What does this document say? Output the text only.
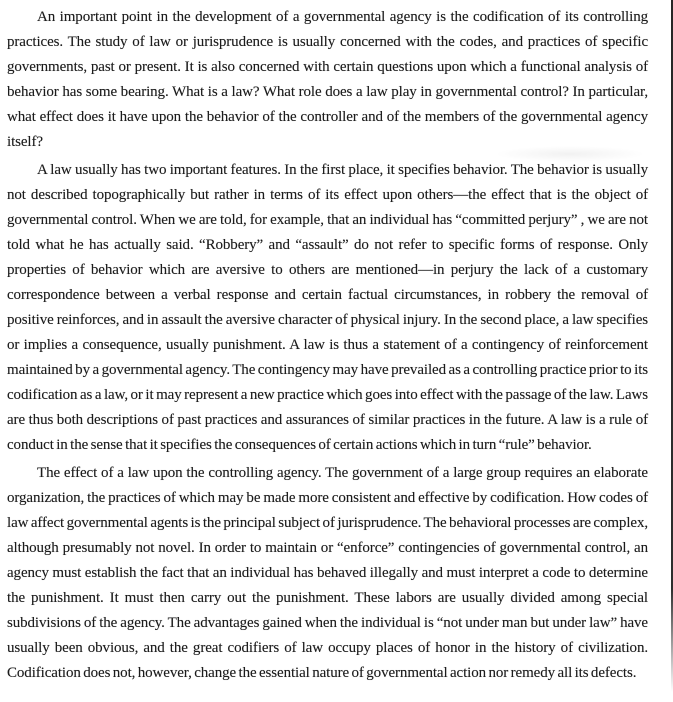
An important point in the development of a governmental agency is the codification of its controlling practices. The study of law or jurisprudence is usually concerned with the codes, and practices of specific governments, past or present. It is also concerned with certain questions upon which a functional analysis of behavior has some bearing. What is a law? What role does a law play in governmental control? In particular, what effect does it have upon the behavior of the controller and of the members of the governmental agency itself?

A law usually has two important features. In the first place, it specifies behavior. The behavior is usually not described topographically but rather in terms of its effect upon others—the effect that is the object of governmental control. When we are told, for example, that an individual has “committed perjury” , we are not told what he has actually said. “Robbery” and “assault” do not refer to specific forms of response. Only properties of behavior which are aversive to others are mentioned—in perjury the lack of a customary correspondence between a verbal response and certain factual circumstances, in robbery the removal of positive reinforces, and in assault the aversive character of physical injury. In the second place, a law specifies or implies a consequence, usually punishment. A law is thus a statement of a contingency of reinforcement maintained by a governmental agency. The contingency may have prevailed as a controlling practice prior to its codification as a law, or it may represent a new practice which goes into effect with the passage of the law. Laws are thus both descriptions of past practices and assurances of similar practices in the future. A law is a rule of conduct in the sense that it specifies the consequences of certain actions which in turn “rule” behavior.

The effect of a law upon the controlling agency. The government of a large group requires an elaborate organization, the practices of which may be made more consistent and effective by codification. How codes of law affect governmental agents is the principal subject of jurisprudence. The behavioral processes are complex, although presumably not novel. In order to maintain or “enforce” contingencies of governmental control, an agency must establish the fact that an individual has behaved illegally and must interpret a code to determine the punishment. It must then carry out the punishment. These labors are usually divided among special subdivisions of the agency. The advantages gained when the individual is “not under man but under law” have usually been obvious, and the great codifiers of law occupy places of honor in the history of civilization. Codification does not, however, change the essential nature of governmental action nor remedy all its defects.
